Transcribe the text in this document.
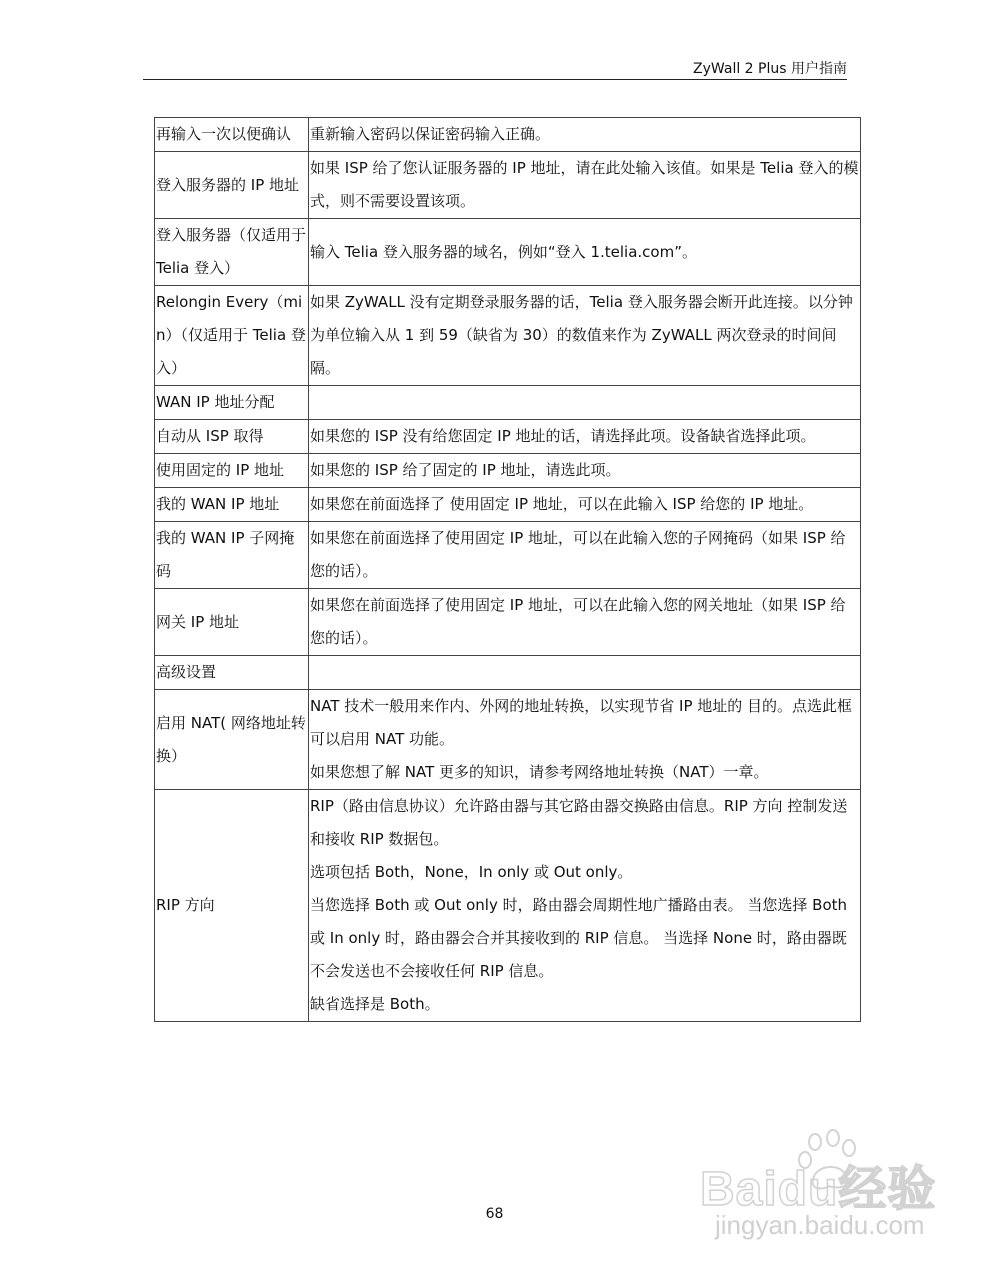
ZyWall 2 Plus 用户指南
再输入一次以便确认	重新输入密码以保证密码输入正确。

登入服务器的 IP 地址	如果 ISP 给了您认证服务器的 IP 地址，请在此处输入该值。如果是 Telia 登入的模式，则不需要设置该项。

登入服务器（仅适用于 Telia 登入）	输入 Telia 登入服务器的域名，例如“登入 1.telia.com”。

Relongin Every（min）（仅适用于 Telia 登入）	如果 ZyWALL 没有定期登录服务器的话，Telia 登入服务器会断开此连接。以分钟为单位输入从 1 到 59（缺省为 30）的数值来作为 ZyWALL 两次登录的时间间隔。

WAN IP 地址分配	
自动从 ISP 取得	如果您的 ISP 没有给您固定 IP 地址的话，请选择此项。设备缺省选择此项。

使用固定的 IP 地址	如果您的 ISP 给了固定的 IP 地址，请选此项。

我的 WAN IP 地址	如果您在前面选择了 使用固定 IP 地址，可以在此输入 ISP 给您的 IP 地址。

我的 WAN IP 子网掩码	如果您在前面选择了使用固定 IP 地址，可以在此输入您的子网掩码（如果 ISP 给您的话）。

网关 IP 地址	如果您在前面选择了使用固定 IP 地址，可以在此输入您的网关地址（如果 ISP 给您的话）。

高级设置	
启用 NAT( 网络地址转换）	NAT 技术一般用来作内、外网的地址转换，以实现节省 IP 地址的 目的。点选此框可以启用 NAT 功能。
如果您想了解 NAT 更多的知识，请参考网络地址转换（NAT）一章。

RIP 方向	RIP（路由信息协议）允许路由器与其它路由器交换路由信息。RIP 方向 控制发送和接收 RIP 数据包。
选项包括 Both，None，In only 或 Out only。
当您选择 Both 或 Out only 时，路由器会周期性地广播路由表。 当您选择 Both 或 In only 时，路由器会合并其接收到的 RIP 信息。 当选择 None 时，路由器既不会发送也不会接收任何 RIP 信息。
缺省选择是 Both。
68	Baidu经验
jingyan.baidu.com
